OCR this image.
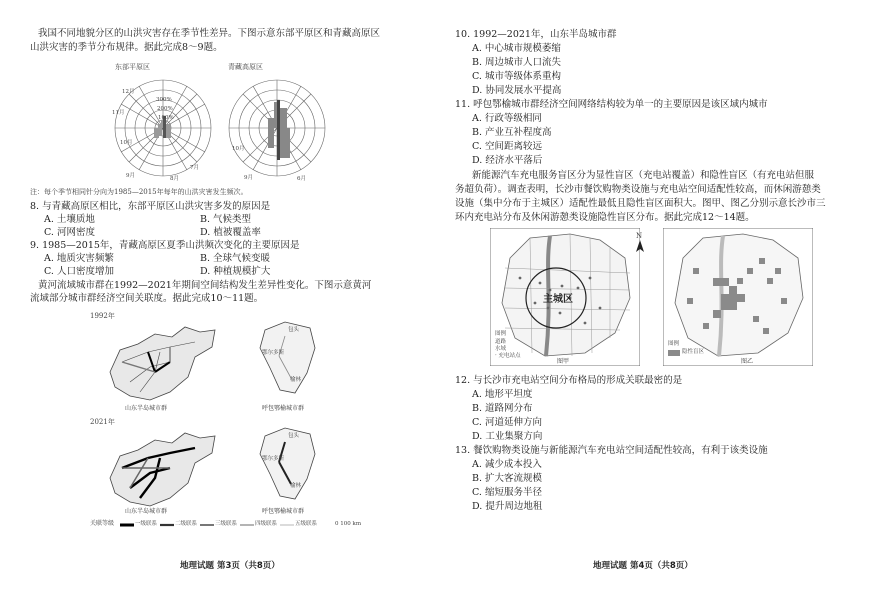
我国不同地貌分区的山洪灾害存在季节性差异。下图示意东部平原区和青藏高原区
山洪灾害的季节分布规律。据此完成8～9题。
东部平原区	青藏高原区
300%
200%
100%
12月
11月
10月
9月	8月
7月
10月
9月	6月
注：每个季节相同针分向为1985—2015年每年的山洪灾害发生频次。
8. 与青藏高原区相比，东部平原区山洪灾害多发的原因是
A. 土壤质地	B. 气候类型
C. 河网密度	D. 植被覆盖率
9. 1985—2015年，青藏高原区夏季山洪频次变化的主要原因是
A. 地质灾害频繁	B. 全球气候变暖
C. 人口密度增加	D. 种植规模扩大
黄河流域城市群在1992—2021年期间空间结构发生差异性变化。下图示意黄河
流域部分城市群经济空间关联度。据此完成10～11题。
1992年
包头
鄂尔多斯
榆林
山东半岛城市群	呼包鄂榆城市群
2021年
包头
鄂尔多斯
榆林
山东半岛城市群	呼包鄂榆城市群
关联等级	一级联系	二级联系	三级联系	四级联系	五级联系	0 100 km
地理试题 第3页（共8页）
10. 1992—2021年，山东半岛城市群
A. 中心城市规模萎缩
B. 周边城市人口流失
C. 城市等级体系重构
D. 协同发展水平提高
11. 呼包鄂榆城市群经济空间网络结构较为单一的主要原因是该区域内城市
A. 行政等级相同
B. 产业互补程度高
C. 空间距离较远
D. 经济水平落后
新能源汽车充电服务盲区分为显性盲区（充电站覆盖）和隐性盲区（有充电站但服
务超负荷）。调查表明，长沙市餐饮购物类设施与充电站空间适配性较高，而休闲游憩类
设施（集中分布于主城区）适配性最低且隐性盲区面积大。图甲、图乙分别示意长沙市三
环内充电站分布及休闲游憩类设施隐性盲区分布。据此完成12～14题。
主城区
图例
道路
水域
· 充电站点
图甲
N
图例
隐性盲区
图乙
12. 与长沙市充电站空间分布格局的形成关联最密的是
A. 地形平坦度
B. 道路网分布
C. 河道延伸方向
D. 工业集聚方向
13. 餐饮购物类设施与新能源汽车充电站空间适配性较高，有利于该类设施
A. 减少成本投入
B. 扩大客流规模
C. 缩短服务半径
D. 提升周边地租
地理试题 第4页（共8页）
